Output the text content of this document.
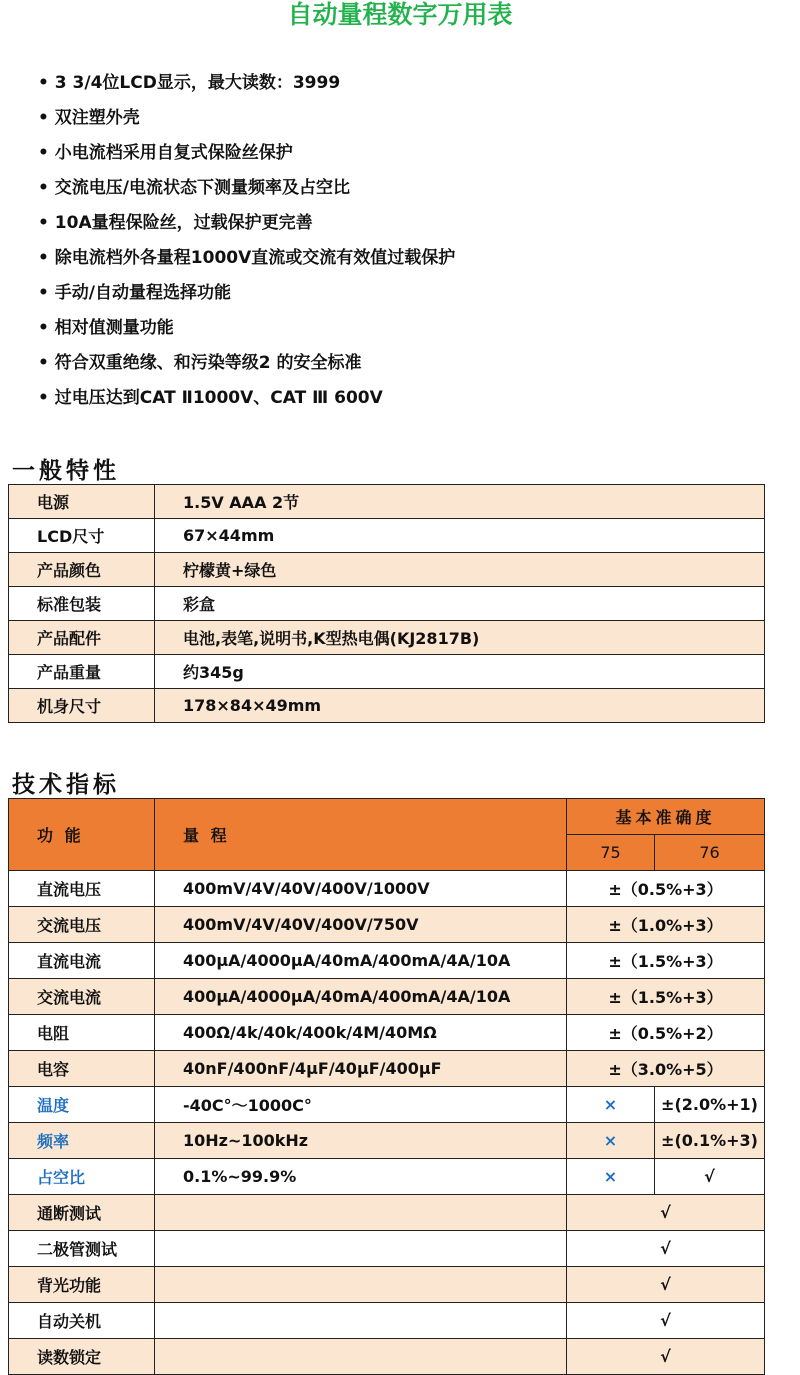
自动量程数字万用表
• 3 3/4位LCD显示，最大读数：3999
• 双注塑外壳
• 小电流档采用自复式保险丝保护
• 交流电压/电流状态下测量频率及占空比
• 10A量程保险丝，过载保护更完善
• 除电流档外各量程1000V直流或交流有效值过载保护
• 手动/自动量程选择功能
• 相对值测量功能
• 符合双重绝缘、和污染等级2 的安全标准
• 过电压达到CAT Ⅱ1000V、CAT Ⅲ 600V
一般特性
电源	1.5V AAA 2节
LCD尺寸	67×44mm
产品颜色	柠檬黄+绿色
标准包装	彩盒
产品配件	电池,表笔,说明书,K型热电偶(KJ2817B)
产品重量	约345g
机身尺寸	178×84×49mm
技术指标
功 能	量 程	基本准确度	
		75	76
直流电压	400mV/4V/40V/400V/1000V	±（0.5%+3）	
交流电压	400mV/4V/40V/400V/750V	±（1.0%+3）	
直流电流	400μA/4000μA/40mA/400mA/4A/10A	±（1.5%+3）	
交流电流	400μA/4000μA/40mA/400mA/4A/10A	±（1.5%+3）	
电阻	400Ω/4k/40k/400k/4M/40MΩ	±（0.5%+2）	
电容	40nF/400nF/4μF/40μF/400μF	±（3.0%+5）	
温度	-40C°～1000C°	×	±(2.0%+1)
频率	10Hz~100kHz	×	±(0.1%+3)
占空比	0.1%~99.9%	×	√
通断测试		√	
二极管测试		√	
背光功能		√	
自动关机		√	
读数锁定		√	
